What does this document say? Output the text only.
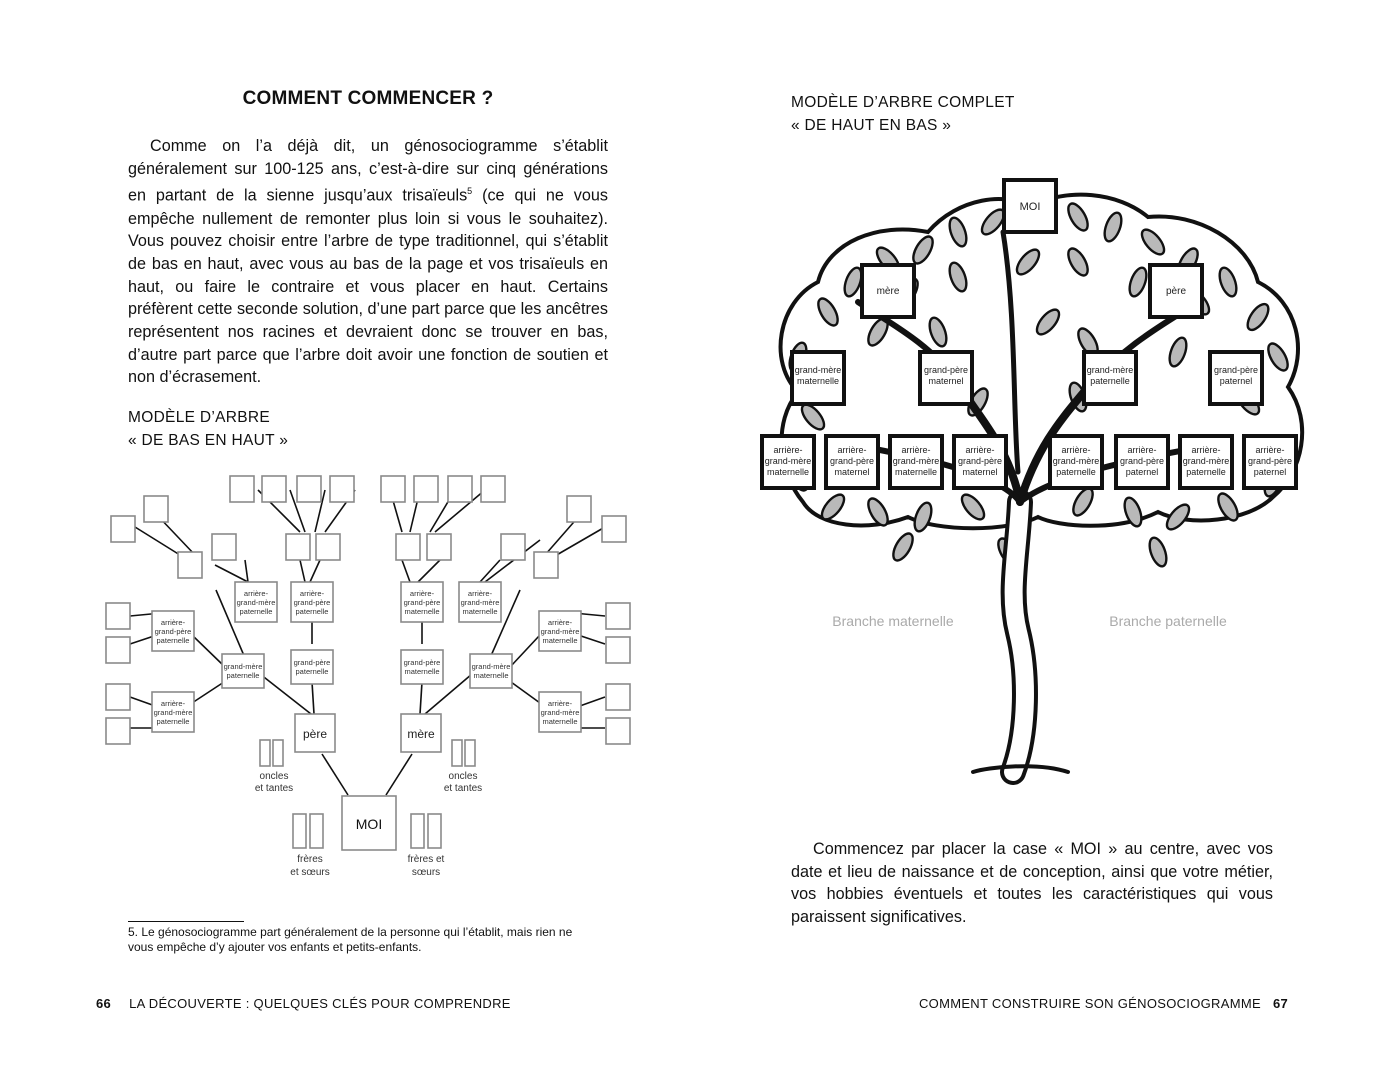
COMMENT COMMENCER ?

Comme on l’a déjà dit, un génosociogramme s’établit généralement sur 100-125 ans, c’est-à-dire sur cinq générations en partant de la sienne jusqu’aux trisaïeuls$^5$ (ce qui ne vous empêche nullement de remonter plus loin si vous le souhaitez). Vous pouvez choisir entre l’arbre de type traditionnel, qui s’établit de bas en haut, avec vous au bas de la page et vos trisaïeuls en haut, ou faire le contraire et vous placer en haut. Certains préfèrent cette seconde solution, d’une part parce que les ancêtres représentent nos racines et devraient donc se trouver en bas, d’autre part parce que l’arbre doit avoir une fonction de soutien et non d’écrasement.

MODÈLE D’ARBRE
« DE BAS EN HAUT »
arrière-
grand-mère
paternelle
arrière-
grand-père
paternelle
arrière-
grand-père
maternelle
arrière-
grand-mère
maternelle
arrière-
grand-père
paternelle
arrière-
grand-mère
paternelle
arrière-
grand-mère
maternelle
arrière-
grand-mère
maternelle
grand-mère
paternelle
grand-père
paternelle
grand-père
maternelle
grand-mère
maternelle
père	mère
MOI
oncles
et tantes
oncles
et tantes
frères
et sœurs
frères et
sœurs
5. Le génosociogramme part généralement de la personne qui l’établit, mais rien ne vous empêche d’y ajouter vos enfants et petits-enfants.
66 LA DÉCOUVERTE : QUELQUES CLÉS POUR COMPRENDRE
MODÈLE D’ARBRE COMPLET
« DE HAUT EN BAS »
MOI
mère	père
grand-mère
maternelle
grand-père
maternel
grand-mère
paternelle
grand-père
paternel
arrière-
grand-mère
maternelle
arrière-
grand-père
maternel
arrière-
grand-mère
maternelle
arrière-
grand-père
maternel
arrière-
grand-mère
paternelle
arrière-
grand-père
paternel
arrière-
grand-mère
paternelle
arrière-
grand-père
paternel
Branche maternelle	Branche paternelle

Commencez par placer la case « MOI » au centre, avec vos date et lieu de naissance et de conception, ainsi que votre métier, vos hobbies éventuels et toutes les caractéristiques qui vous paraissent significatives.

COMMENT CONSTRUIRE SON GÉNOSOCIOGRAMME 67
